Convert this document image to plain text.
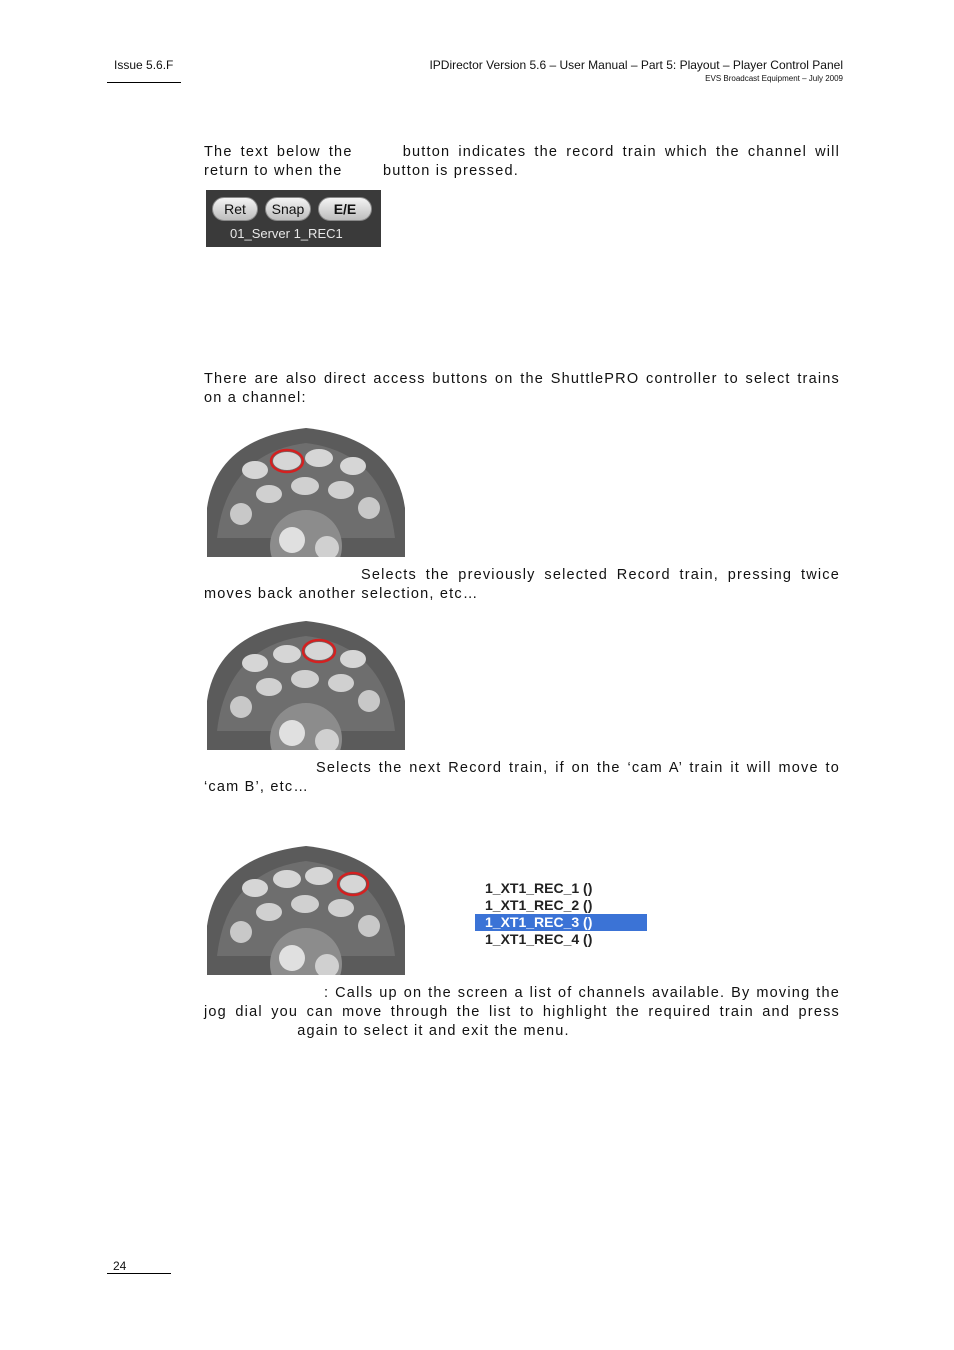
Issue 5.6.F	IPDirector Version 5.6 – User Manual – Part 5: Playout – Player Control Panel
EVS Broadcast Equipment – July 2009
The text below the	button indicates the record train which the channel will return to when the	button is pressed.
Ret	Snap	E/E
01_Server 1_REC1
There are also direct access buttons on the ShuttlePRO controller to select trains on a channel:
Selects the previously selected Record train, pressing twice moves back another selection, etc…
Selects the next Record train, if on the ‘cam A’ train it will move to ‘cam B’, etc…
1_XT1_REC_1 ()
1_XT1_REC_2 ()
1_XT1_REC_3 ()
1_XT1_REC_4 ()
: Calls up on the screen a list of channels available. By moving the jog dial you can move through the list to highlight the required train and press  again to select it and exit the menu.
24
